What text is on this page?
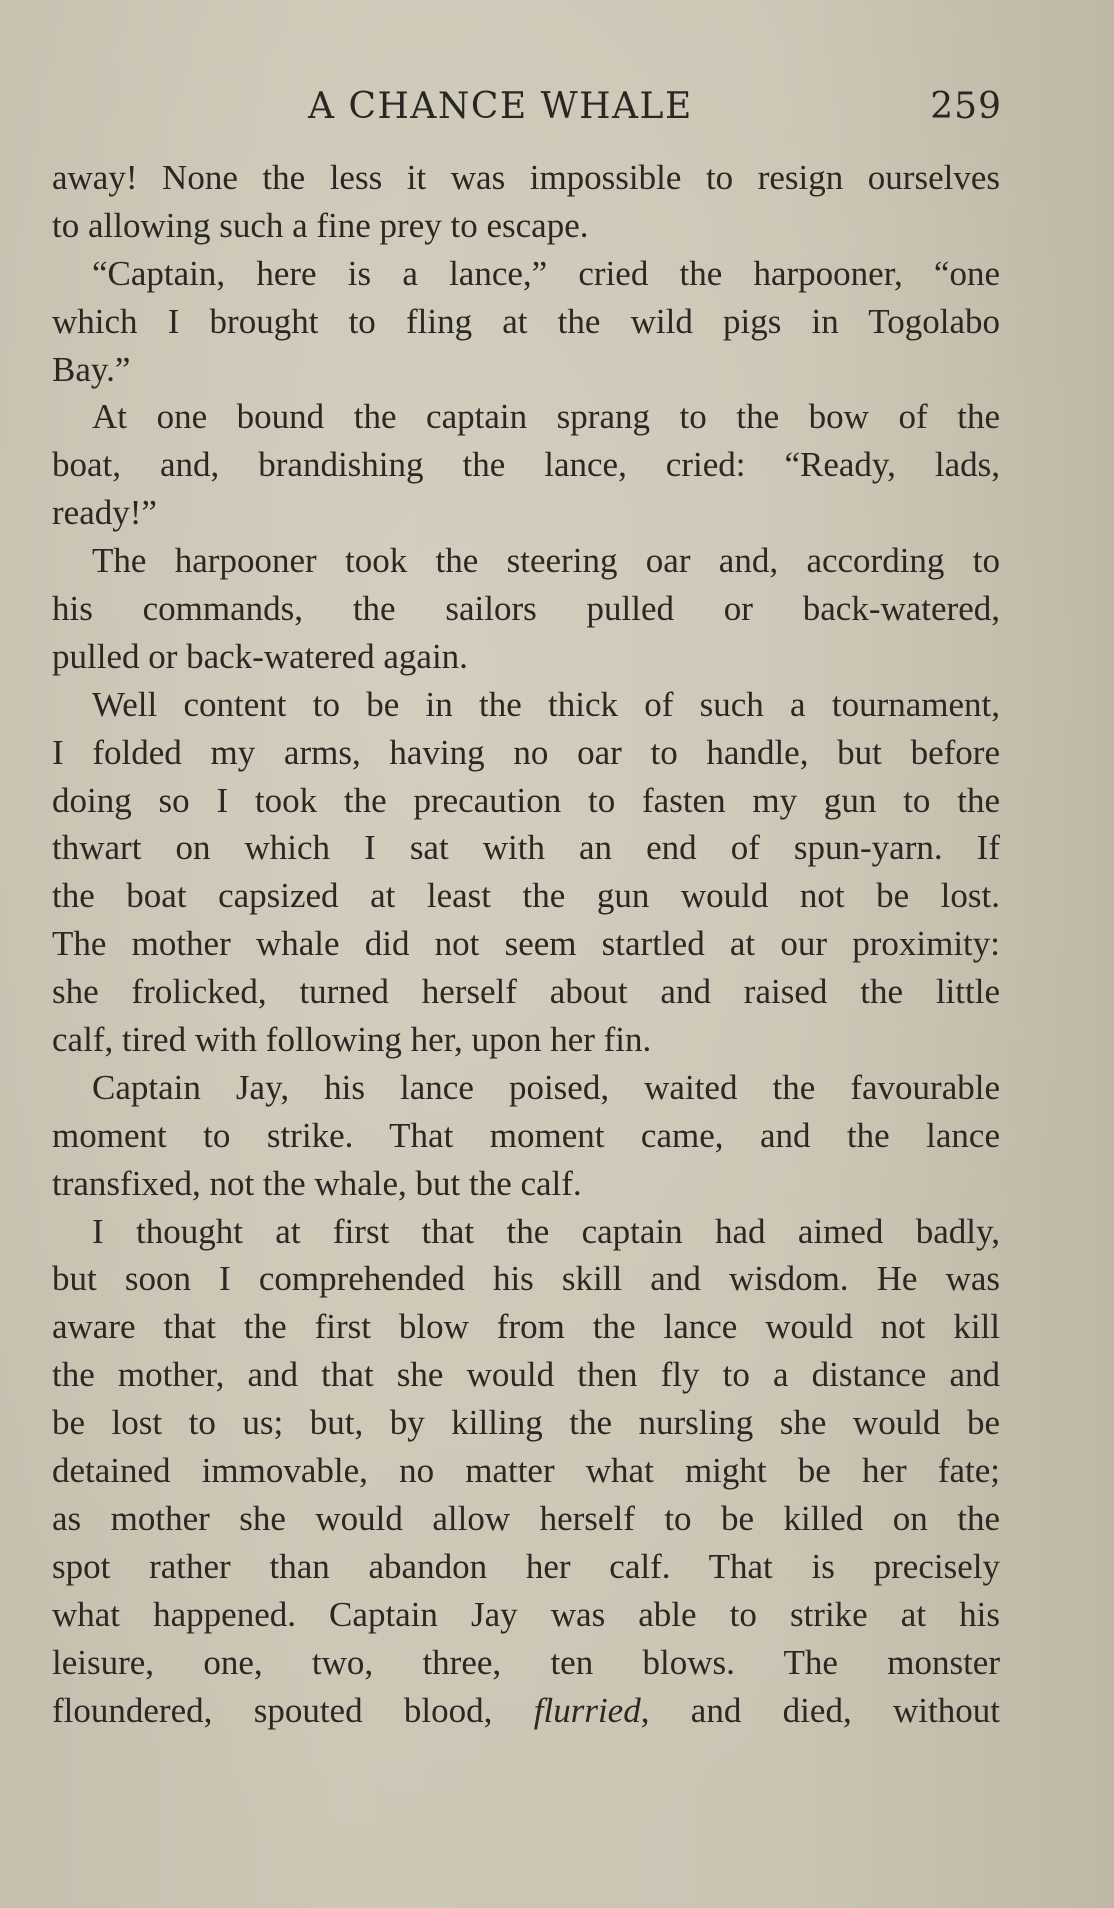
A CHANCE WHALE	259
away! None the less it was impossible to resign ourselves
to allowing such a fine prey to escape.
“Captain, here is a lance,” cried the harpooner, “one
which I brought to fling at the wild pigs in Togolabo
Bay.”
At one bound the captain sprang to the bow of the
boat, and, brandishing the lance, cried: “Ready, lads,
ready!”
The harpooner took the steering oar and, according to
his commands, the sailors pulled or back-watered,
pulled or back-watered again.
Well content to be in the thick of such a tournament,
I folded my arms, having no oar to handle, but before
doing so I took the precaution to fasten my gun to the
thwart on which I sat with an end of spun-yarn. If
the boat capsized at least the gun would not be lost.
The mother whale did not seem startled at our proximity:
she frolicked, turned herself about and raised the little
calf, tired with following her, upon her fin.
Captain Jay, his lance poised, waited the favourable
moment to strike. That moment came, and the lance
transfixed, not the whale, but the calf.
I thought at first that the captain had aimed badly,
but soon I comprehended his skill and wisdom. He was
aware that the first blow from the lance would not kill
the mother, and that she would then fly to a distance and
be lost to us; but, by killing the nursling she would be
detained immovable, no matter what might be her fate;
as mother she would allow herself to be killed on the
spot rather than abandon her calf. That is precisely
what happened. Captain Jay was able to strike at his
leisure, one, two, three, ten blows. The monster
floundered, spouted blood, flurried, and died, without
